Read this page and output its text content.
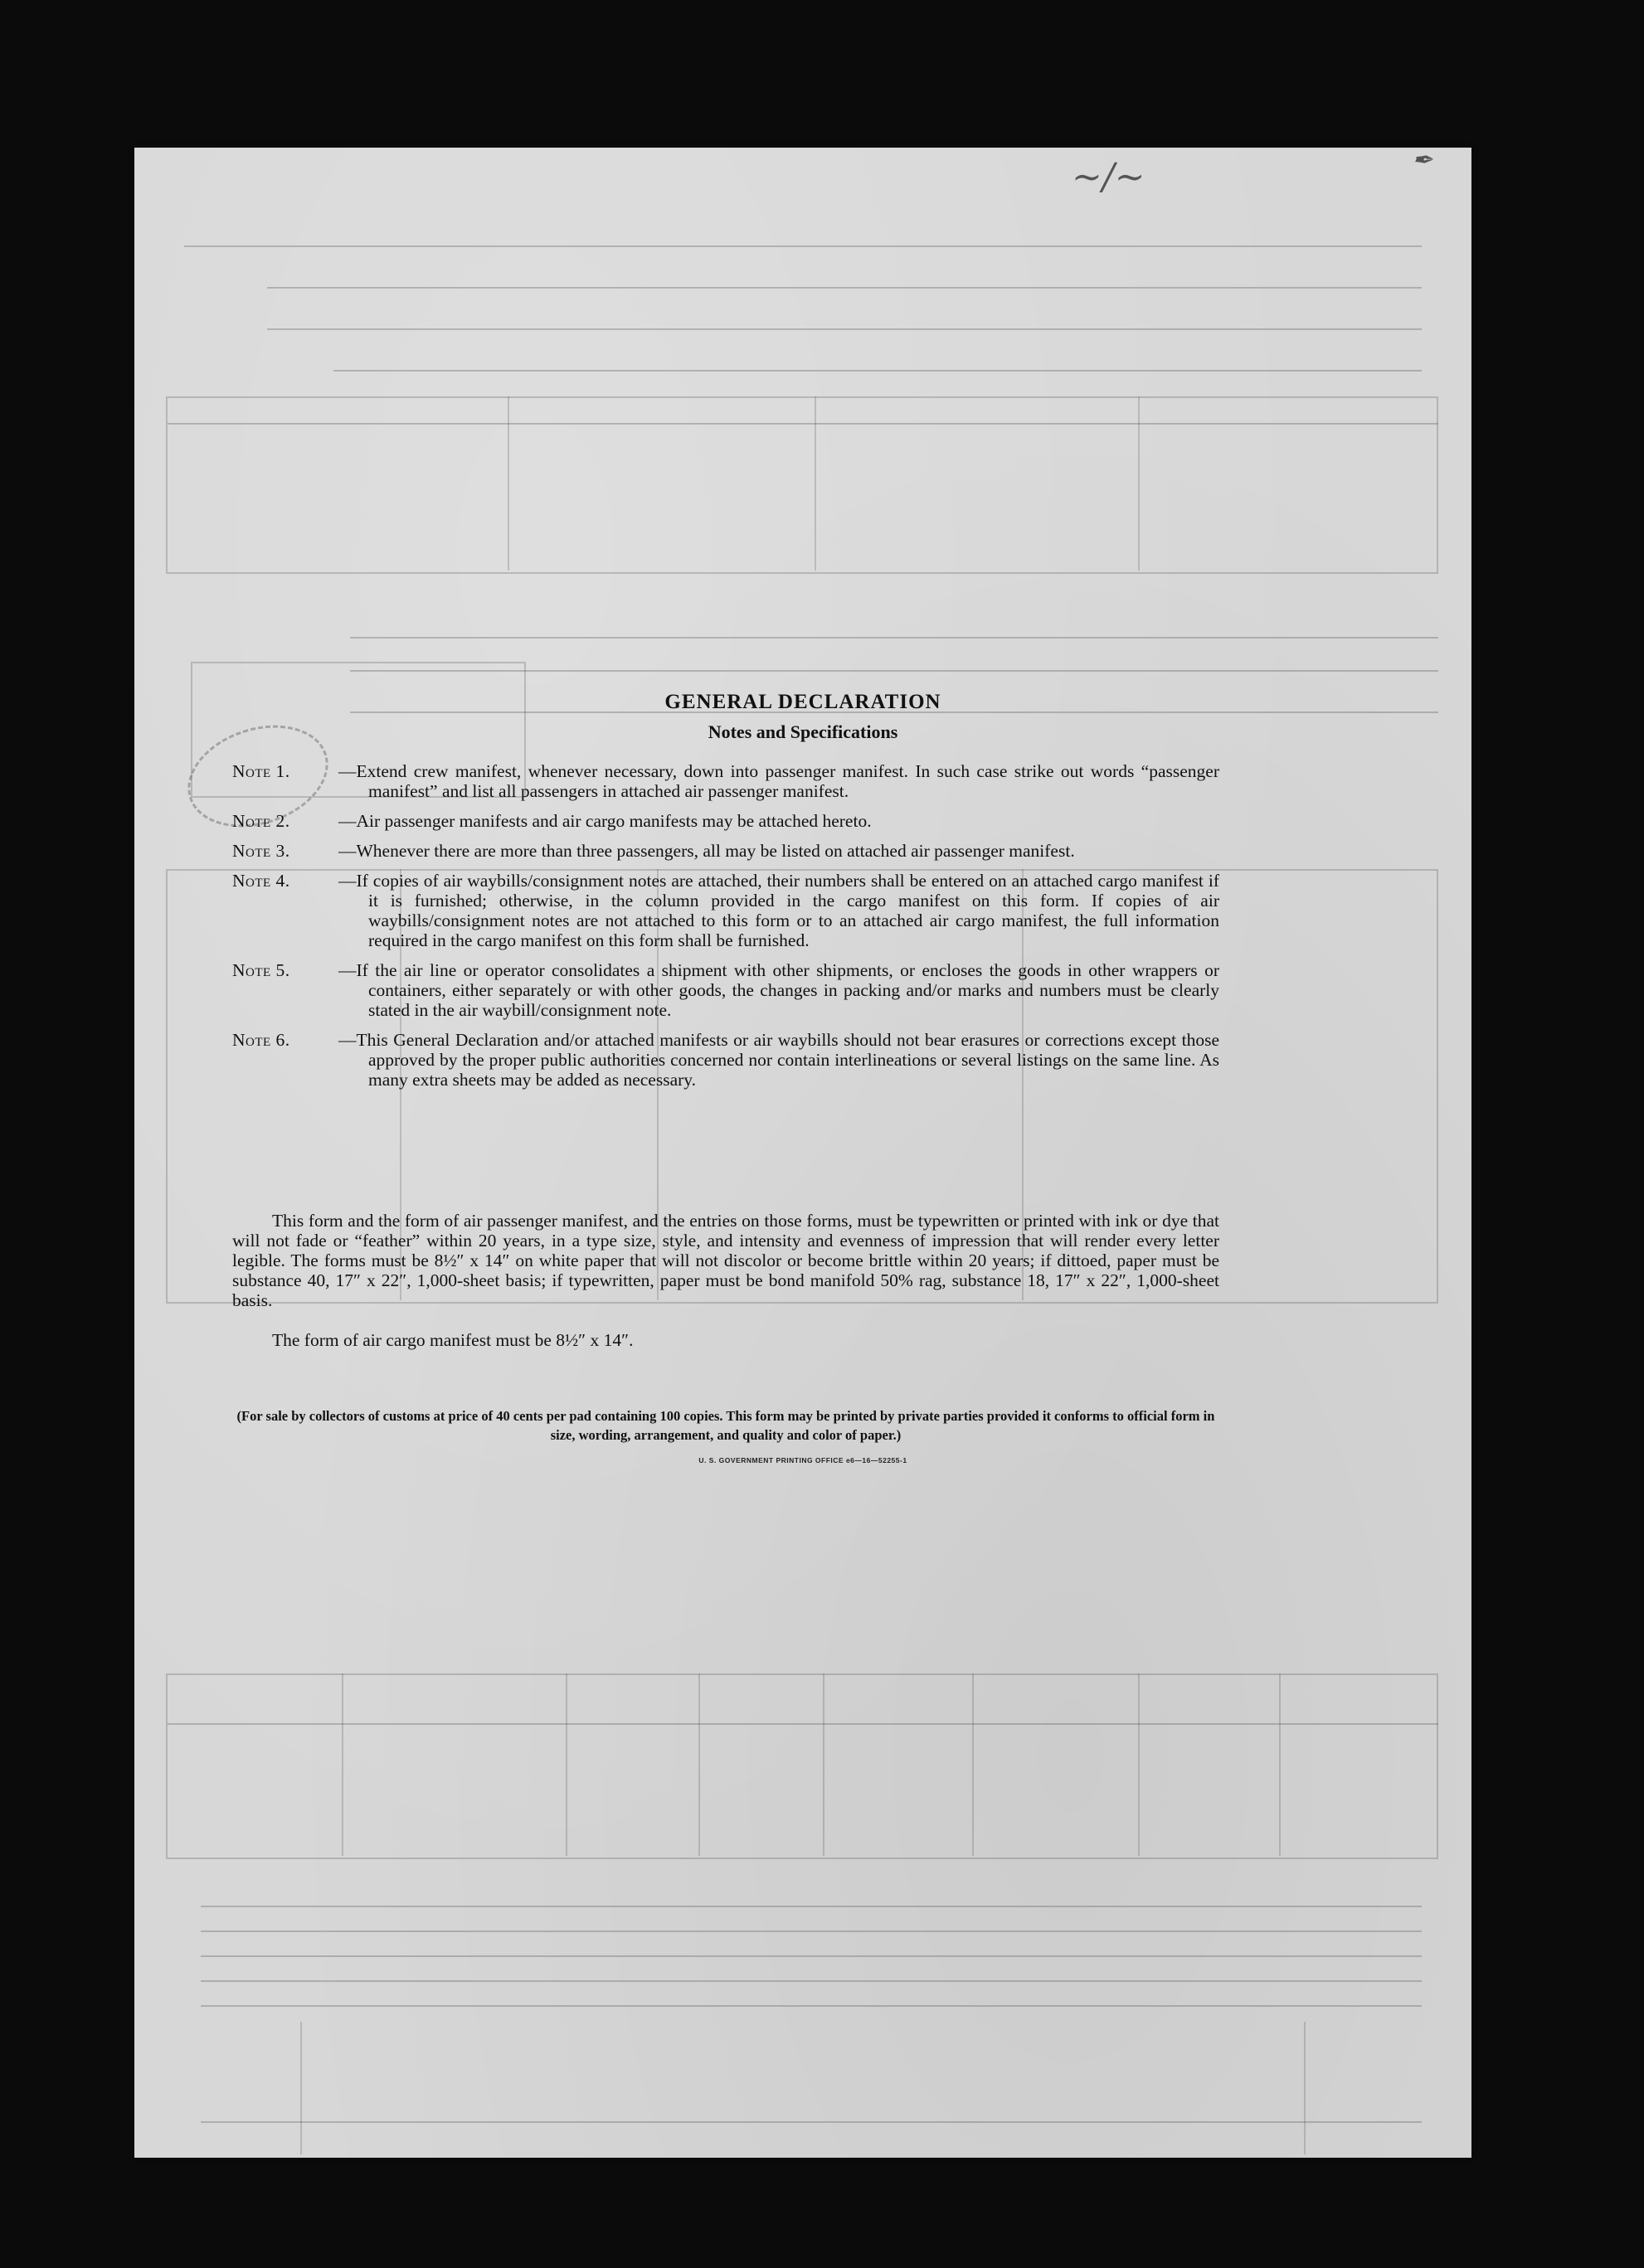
~/~	✒
GENERAL DECLARATION
Notes and Specifications
Note 1.	—Extend crew manifest, whenever necessary, down into passenger manifest. In such case strike out words “passenger manifest” and list all passengers in attached air passenger manifest.
Note 2.	—Air passenger manifests and air cargo manifests may be attached hereto.
Note 3.	—Whenever there are more than three passengers, all may be listed on attached air passenger manifest.
Note 4.	—If copies of air waybills/consignment notes are attached, their numbers shall be entered on an attached cargo manifest if it is furnished; otherwise, in the column provided in the cargo manifest on this form. If copies of air waybills/consignment notes are not attached to this form or to an attached air cargo manifest, the full information required in the cargo manifest on this form shall be furnished.
Note 5.	—If the air line or operator consolidates a shipment with other shipments, or encloses the goods in other wrappers or containers, either separately or with other goods, the changes in packing and/or marks and numbers must be clearly stated in the air waybill/consignment note.
Note 6.	—This General Declaration and/or attached manifests or air waybills should not bear erasures or corrections except those approved by the proper public authorities concerned nor contain interlineations or several listings on the same line. As many extra sheets may be added as necessary.

This form and the form of air passenger manifest, and the entries on those forms, must be typewritten or printed with ink or dye that will not fade or “feather” within 20 years, in a type size, style, and intensity and evenness of impression that will render every letter legible. The forms must be 8½″ x 14″ on white paper that will not discolor or become brittle within 20 years; if dittoed, paper must be substance 40, 17″ x 22″, 1,000-sheet basis; if typewritten, paper must be bond manifold 50% rag, substance 18, 17″ x 22″, 1,000-sheet basis.

The form of air cargo manifest must be 8½″ x 14″.

(For sale by collectors of customs at price of 40 cents per pad containing 100 copies. This form may be printed by private parties provided it conforms to official form in size, wording, arrangement, and quality and color of paper.)
U. S. GOVERNMENT PRINTING OFFICE e6—16—52255-1
